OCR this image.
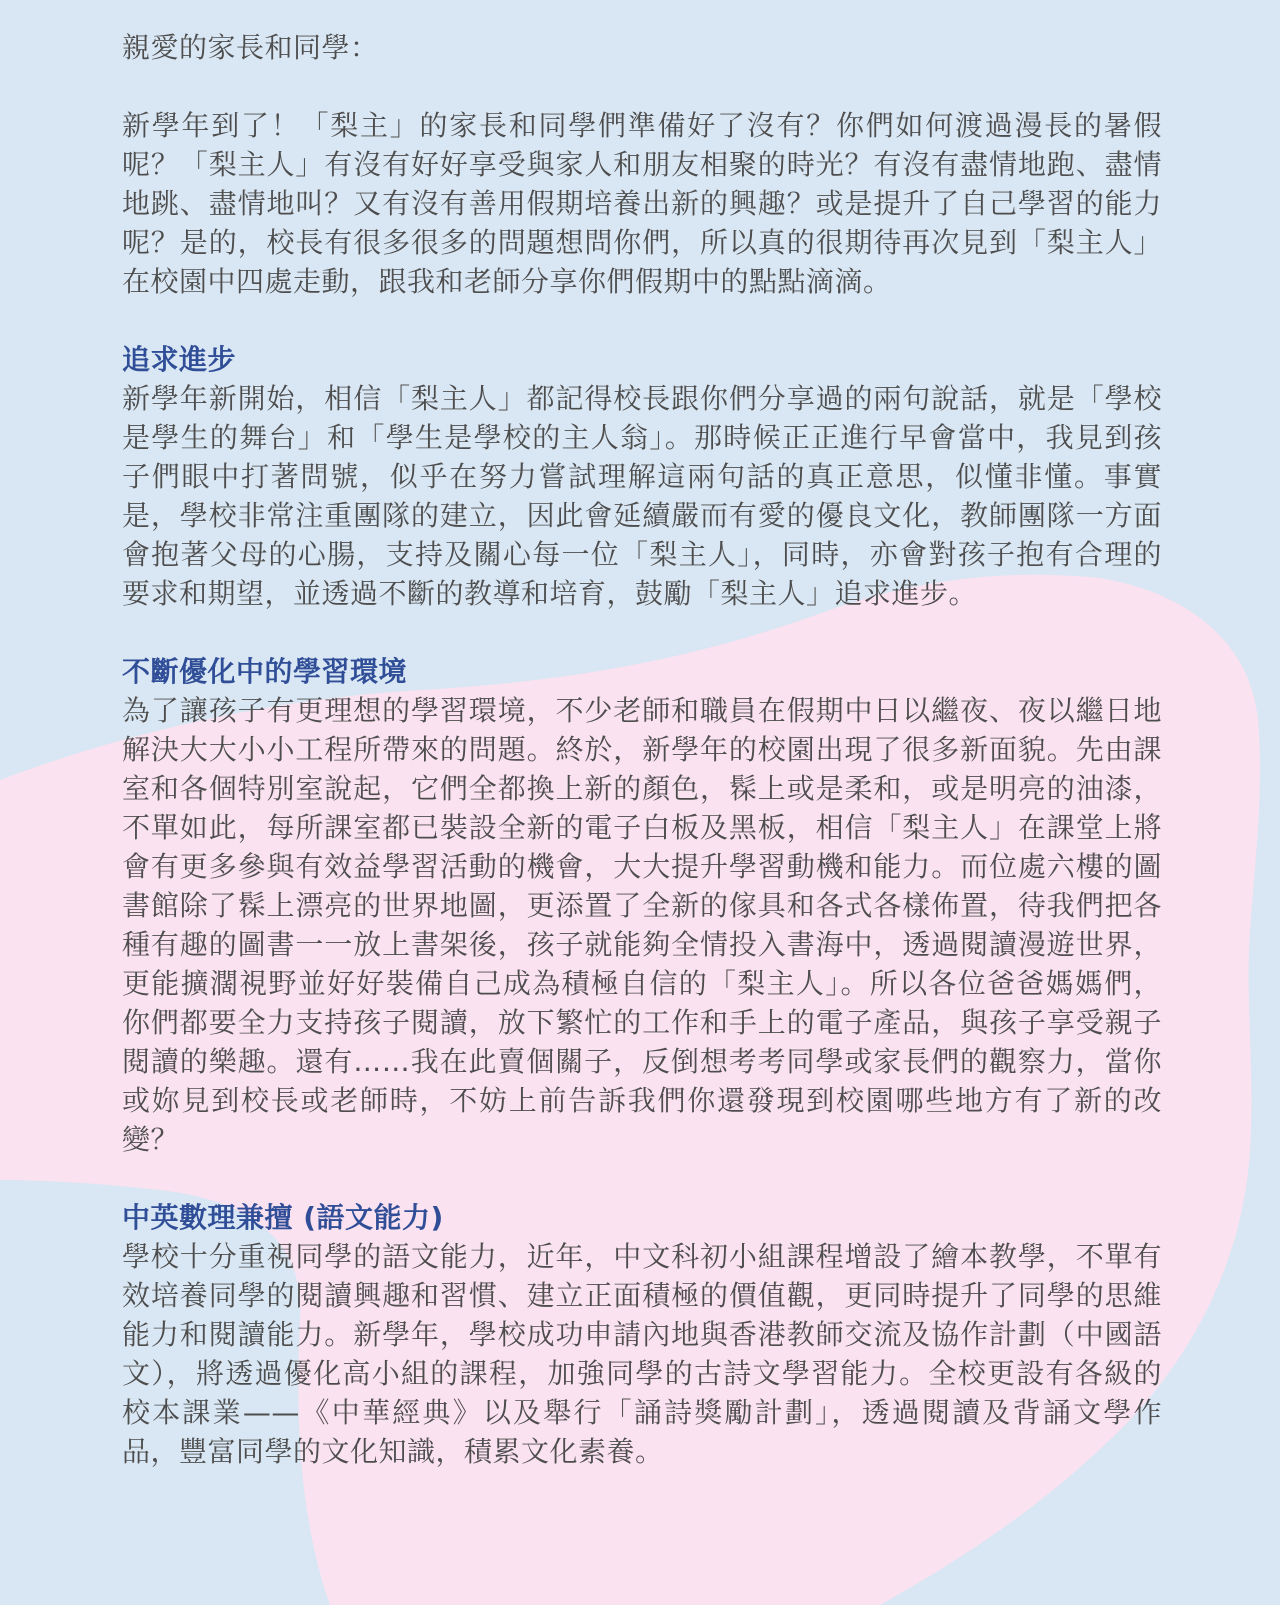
親愛的家長和同學：

新學年到了！「梨主」的家長和同學們準備好了沒有？你們如何渡過漫長的暑假呢？「梨主人」有沒有好好享受與家人和朋友相聚的時光？有沒有盡情地跑、盡情地跳、盡情地叫？又有沒有善用假期培養出新的興趣？或是提升了自己學習的能力呢？是的，校長有很多很多的問題想問你們，所以真的很期待再次見到「梨主人」在校園中四處走動，跟我和老師分享你們假期中的點點滴滴。

追求進步

新學年新開始，相信「梨主人」都記得校長跟你們分享過的兩句說話，就是「學校是學生的舞台」和「學生是學校的主人翁」。那時候正正進行早會當中，我見到孩子們眼中打著問號，似乎在努力嘗試理解這兩句話的真正意思，似懂非懂。事實是，學校非常注重團隊的建立，因此會延續嚴而有愛的優良文化，教師團隊一方面會抱著父母的心腸，支持及關心每一位「梨主人」，同時，亦會對孩子抱有合理的要求和期望，並透過不斷的教導和培育，鼓勵「梨主人」追求進步。

不斷優化中的學習環境

為了讓孩子有更理想的學習環境，不少老師和職員在假期中日以繼夜、夜以繼日地解決大大小小工程所帶來的問題。終於，新學年的校園出現了很多新面貌。先由課室和各個特別室說起，它們全都換上新的顏色，髹上或是柔和，或是明亮的油漆，不單如此，每所課室都已裝設全新的電子白板及黑板，相信「梨主人」在課堂上將會有更多參與有效益學習活動的機會，大大提升學習動機和能力。而位處六樓的圖書館除了髹上漂亮的世界地圖，更添置了全新的傢具和各式各樣佈置，待我們把各種有趣的圖書一一放上書架後，孩子就能夠全情投入書海中，透過閱讀漫遊世界，更能擴濶視野並好好裝備自己成為積極自信的「梨主人」。所以各位爸爸媽媽們，你們都要全力支持孩子閱讀，放下繁忙的工作和手上的電子產品，與孩子享受親子閱讀的樂趣。還有……我在此賣個關子，反倒想考考同學或家長們的觀察力，當你或妳見到校長或老師時，不妨上前告訴我們你還發現到校園哪些地方有了新的改變？

中英數理兼擅 (語文能力)

學校十分重視同學的語文能力，近年，中文科初小組課程增設了繪本教學，不單有效培養同學的閱讀興趣和習慣、建立正面積極的價值觀，更同時提升了同學的思維能力和閱讀能力。新學年，學校成功申請內地與香港教師交流及協作計劃（中國語文），將透過優化高小組的課程，加強同學的古詩文學習能力。全校更設有各級的校本課業——《中華經典》以及舉行「誦詩獎勵計劃」，透過閱讀及背誦文學作品，豐富同學的文化知識，積累文化素養。
